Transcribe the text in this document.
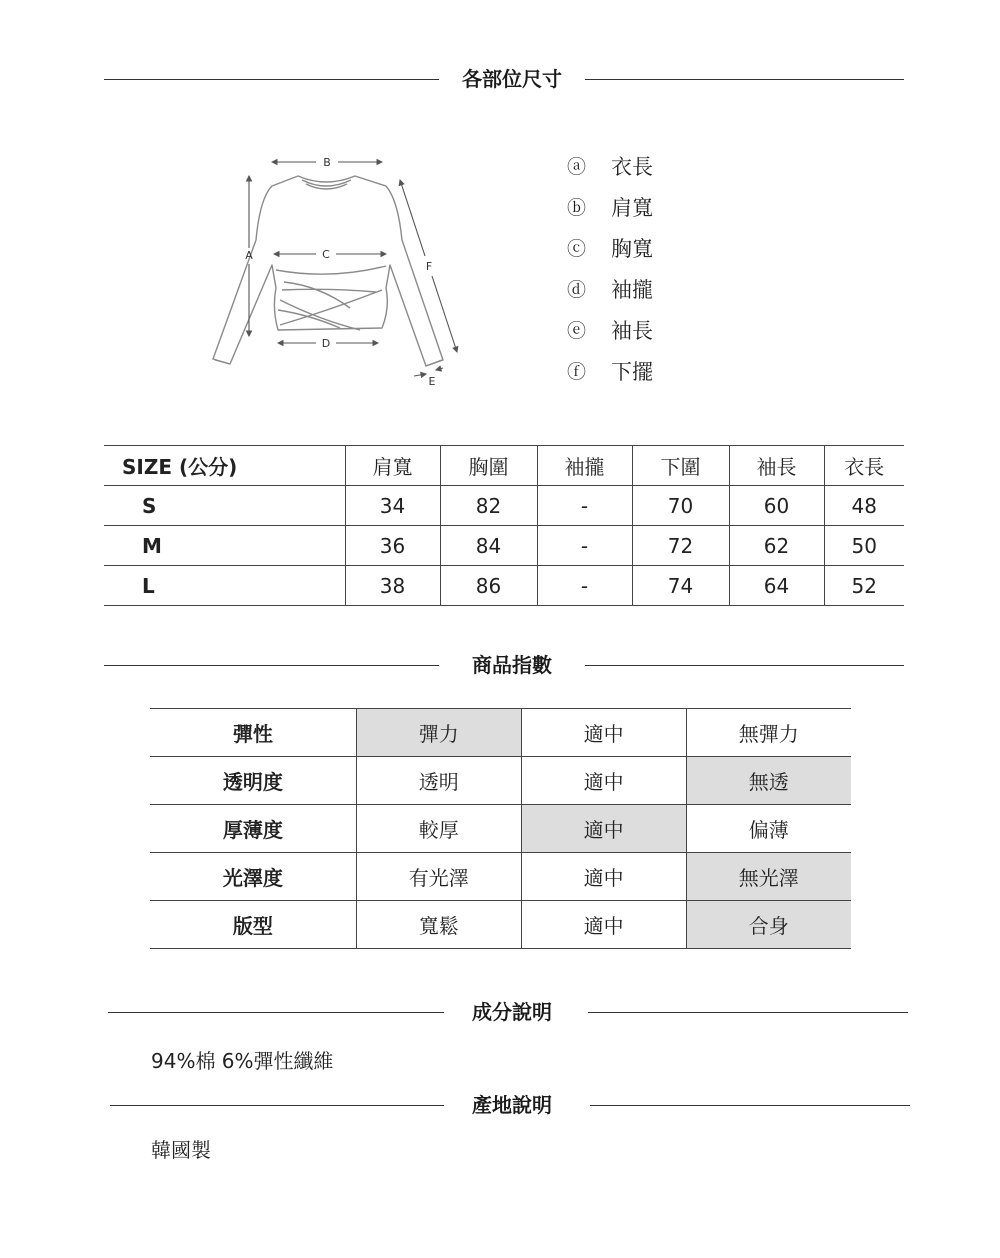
各部位尺寸
B
A	C
D
F
E
ⓐ	衣長
ⓑ	肩寬
ⓒ	胸寬
ⓓ	袖攏
ⓔ	袖長
ⓕ	下擺
SIZE (公分)	肩寬	胸圍	袖攏	下圍	袖長	衣長
S	34	82	-	70	60	48
M	36	84	-	72	62	50
L	38	86	-	74	64	52
商品指數
彈性	彈力	適中	無彈力
透明度	透明	適中	無透
厚薄度	較厚	適中	偏薄
光澤度	有光澤	適中	無光澤
版型	寬鬆	適中	合身
成分說明
94%棉 6%彈性纖維
產地說明
韓國製
